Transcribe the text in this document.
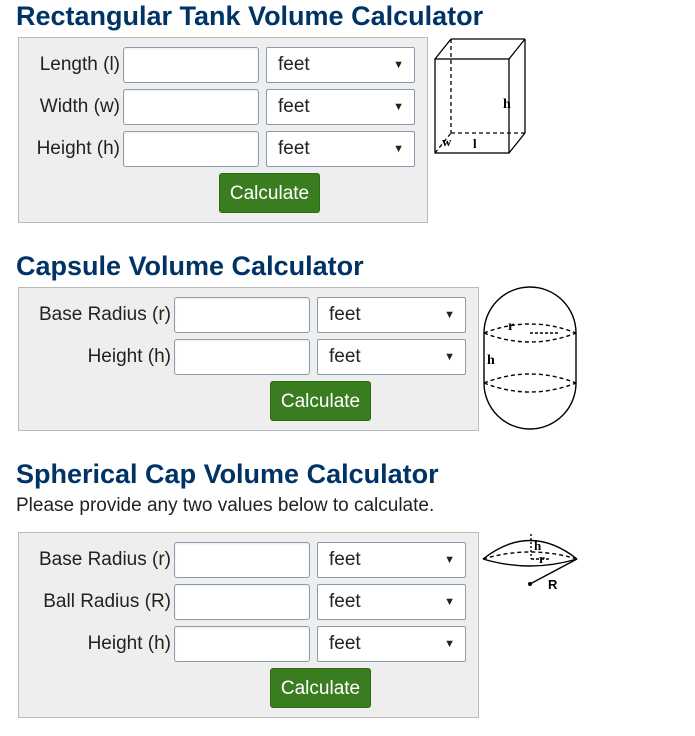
Rectangular Tank Volume Calculator
Length (l)	feet	▼
Width (w)	feet	▼
Height (h)	feet	▼
Calculate
h
w l
Capsule Volume Calculator
Base Radius (r)	feet	▼
Height (h)	feet	▼
Calculate
r
h
Spherical Cap Volume Calculator
Please provide any two values below to calculate.
Base Radius (r)	feet	▼
Ball Radius (R)	feet	▼
Height (h)	feet	▼
Calculate
h
r
R
